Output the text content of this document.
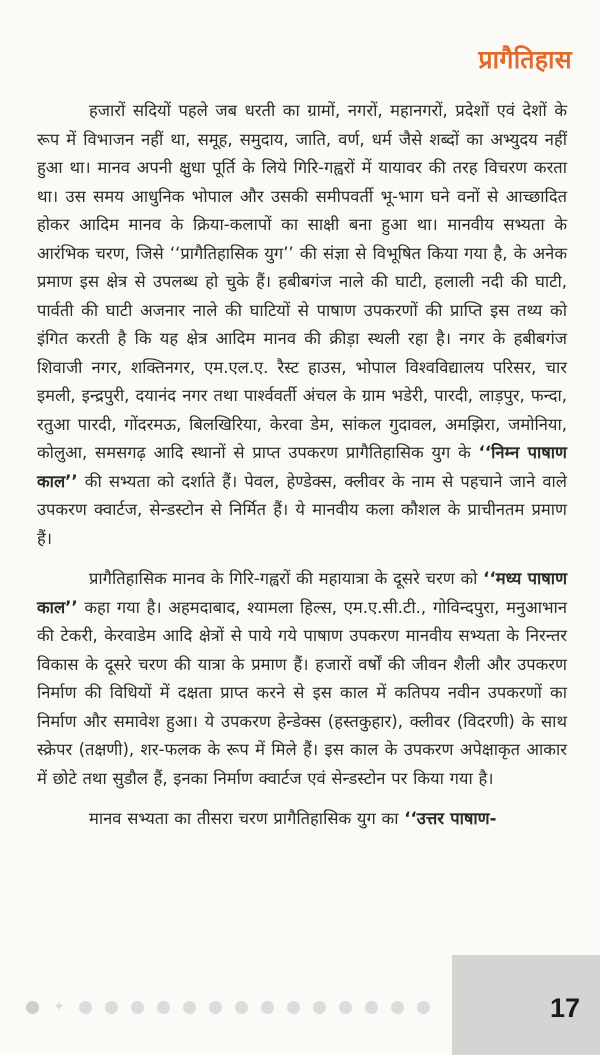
प्रागैतिहास

हजारों सदियों पहले जब धरती का ग्रामों, नगरों, महानगरों, प्रदेशों एवं देशों के रूप में विभाजन नहीं था, समूह, समुदाय, जाति, वर्ण, धर्म जैसे शब्दों का अभ्युदय नहीं हुआ था। मानव अपनी क्षुधा पूर्ति के लिये गिरि-गह्वरों में यायावर की तरह विचरण करता था। उस समय आधुनिक भोपाल और उसकी समीपवर्ती भू-भाग घने वनों से आच्छादित होकर आदिम मानव के क्रिया-कलापों का साक्षी बना हुआ था। मानवीय सभ्यता के आरंभिक चरण, जिसे ‘‘प्रागैतिहासिक युग’’ की संज्ञा से विभूषित किया गया है, के अनेक प्रमाण इस क्षेत्र से उपलब्ध हो चुके हैं। हबीबगंज नाले की घाटी, हलाली नदी की घाटी, पार्वती की घाटी अजनार नाले की घाटियों से पाषाण उपकरणों की प्राप्ति इस तथ्य को इंगित करती है कि यह क्षेत्र आदिम मानव की क्रीड़ा स्थली रहा है। नगर के हबीबगंज शिवाजी नगर, शक्तिनगर, एम.एल.ए. रैस्ट हाउस, भोपाल विश्वविद्यालय परिसर, चार इमली, इन्द्रपुरी, दयानंद नगर तथा पार्श्ववर्ती अंचल के ग्राम भडेरी, पारदी, लाड़पुर, फन्दा, रतुआ पारदी, गोंदरमऊ, बिलखिरिया, केरवा डेम, सांकल गुदावल, अमझिरा, जमोनिया, कोलुआ, समसगढ़ आदि स्थानों से प्राप्त उपकरण प्रागैतिहासिक युग के ‘‘निम्न पाषाण काल’’ की सभ्यता को दर्शाते हैं। पेवल, हेण्डेक्स, क्लीवर के नाम से पहचाने जाने वाले उपकरण क्वार्टज, सेन्डस्टोन से निर्मित हैं। ये मानवीय कला कौशल के प्राचीनतम प्रमाण हैं।

प्रागैतिहासिक मानव के गिरि-गह्वरों की महायात्रा के दूसरे चरण को ‘‘मध्य पाषाण काल’’ कहा गया है। अहमदाबाद, श्यामला हिल्स, एम.ए.सी.टी., गोविन्दपुरा, मनुआभान की टेकरी, केरवाडेम आदि क्षेत्रों से पाये गये पाषाण उपकरण मानवीय सभ्यता के निरन्तर विकास के दूसरे चरण की यात्रा के प्रमाण हैं। हजारों वर्षों की जीवन शैली और उपकरण निर्माण की विधियों में दक्षता प्राप्त करने से इस काल में कतिपय नवीन उपकरणों का निर्माण और समावेश हुआ। ये उपकरण हेन्डेक्स (हस्तकुहार), क्लीवर (विदरणी) के साथ स्क्रेपर (तक्षणी), शर-फलक के रूप में मिले हैं। इस काल के उपकरण अपेक्षाकृत आकार में छोटे तथा सुडौल हैं, इनका निर्माण क्वार्टज एवं सेन्डस्टोन पर किया गया है।

मानव सभ्यता का तीसरा चरण प्रागैतिहासिक युग का ‘‘उत्तर पाषाण-

✦	17
